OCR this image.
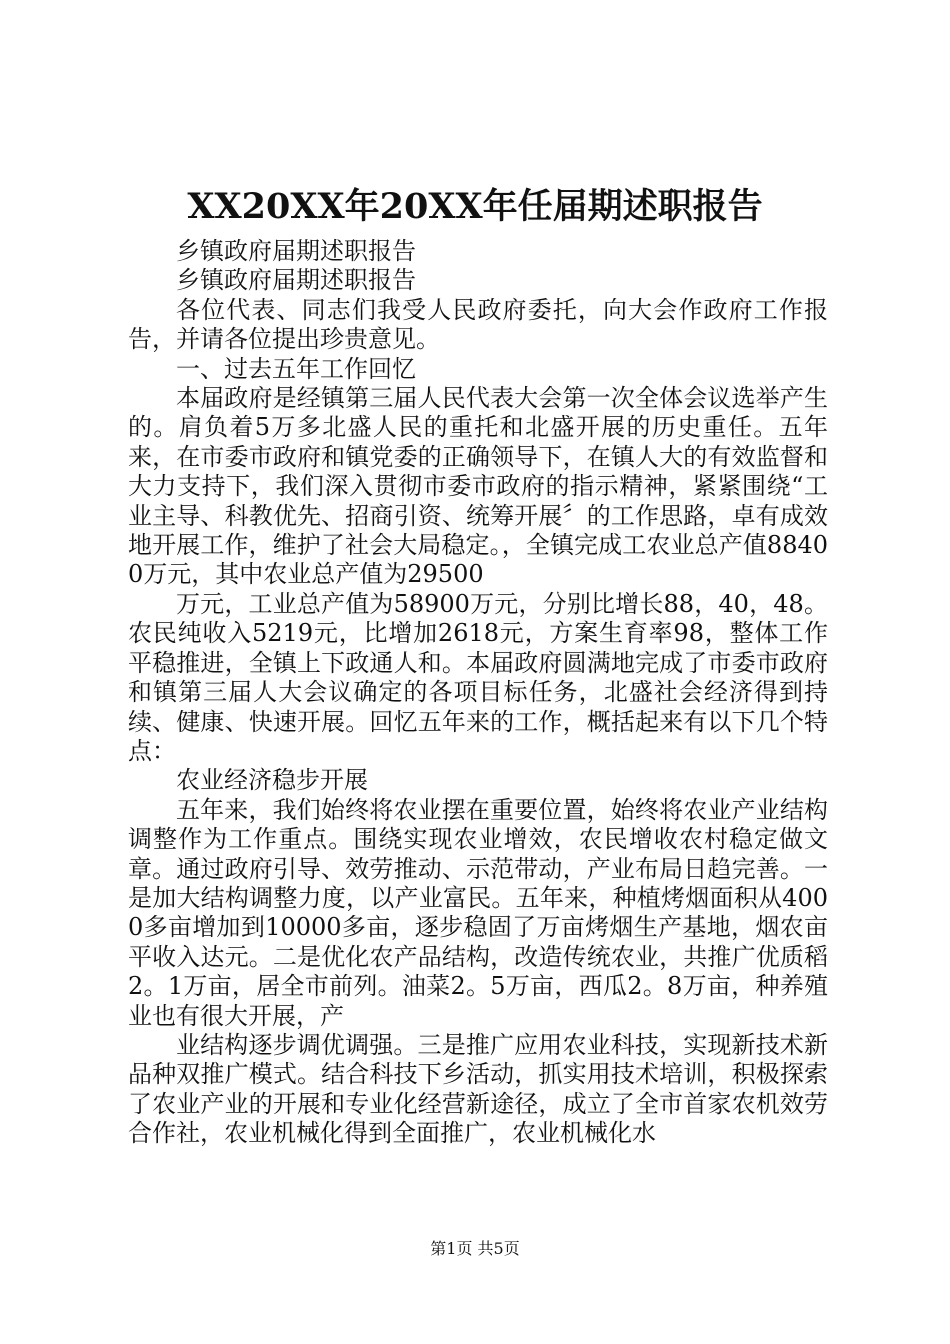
XX20XX年20XX年任届期述职报告

乡镇政府届期述职报告

乡镇政府届期述职报告

各位代表、同志们我受人民政府委托，向大会作政府工作报告，并请各位提出珍贵意见。

一、过去五年工作回忆

本届政府是经镇第三届人民代表大会第一次全体会议选举产生的。肩负着5万多北盛人民的重托和北盛开展的历史重任。五年来，在市委市政府和镇党委的正确领导下，在镇人大的有效监督和大力支持下，我们深入贯彻市委市政府的指示精神，紧紧围绕“工业主导、科教优先、招商引资、统筹开展〞的工作思路，卓有成效地开展工作，维护了社会大局稳定。，全镇完成工农业总产值88400万元，其中农业总产值为29500

万元，工业总产值为58900万元，分别比增长88，40，48。农民纯收入5219元，比增加2618元，方案生育率98，整体工作平稳推进，全镇上下政通人和。本届政府圆满地完成了市委市政府和镇第三届人大会议确定的各项目标任务，北盛社会经济得到持续、健康、快速开展。回忆五年来的工作，概括起来有以下几个特点：

农业经济稳步开展

五年来，我们始终将农业摆在重要位置，始终将农业产业结构调整作为工作重点。围绕实现农业增效，农民增收农村稳定做文章。通过政府引导、效劳推动、示范带动，产业布局日趋完善。一是加大结构调整力度，以产业富民。五年来，种植烤烟面积从4000多亩增加到10000多亩，逐步稳固了万亩烤烟生产基地，烟农亩平收入达元。二是优化农产品结构，改造传统农业，共推广优质稻2。1万亩，居全市前列。油菜2。5万亩，西瓜2。8万亩，种养殖业也有很大开展，产

业结构逐步调优调强。三是推广应用农业科技，实现新技术新品种双推广模式。结合科技下乡活动，抓实用技术培训，积极探索了农业产业的开展和专业化经营新途径，成立了全市首家农机效劳合作社，农业机械化得到全面推广，农业机械化水

第1页 共5页
